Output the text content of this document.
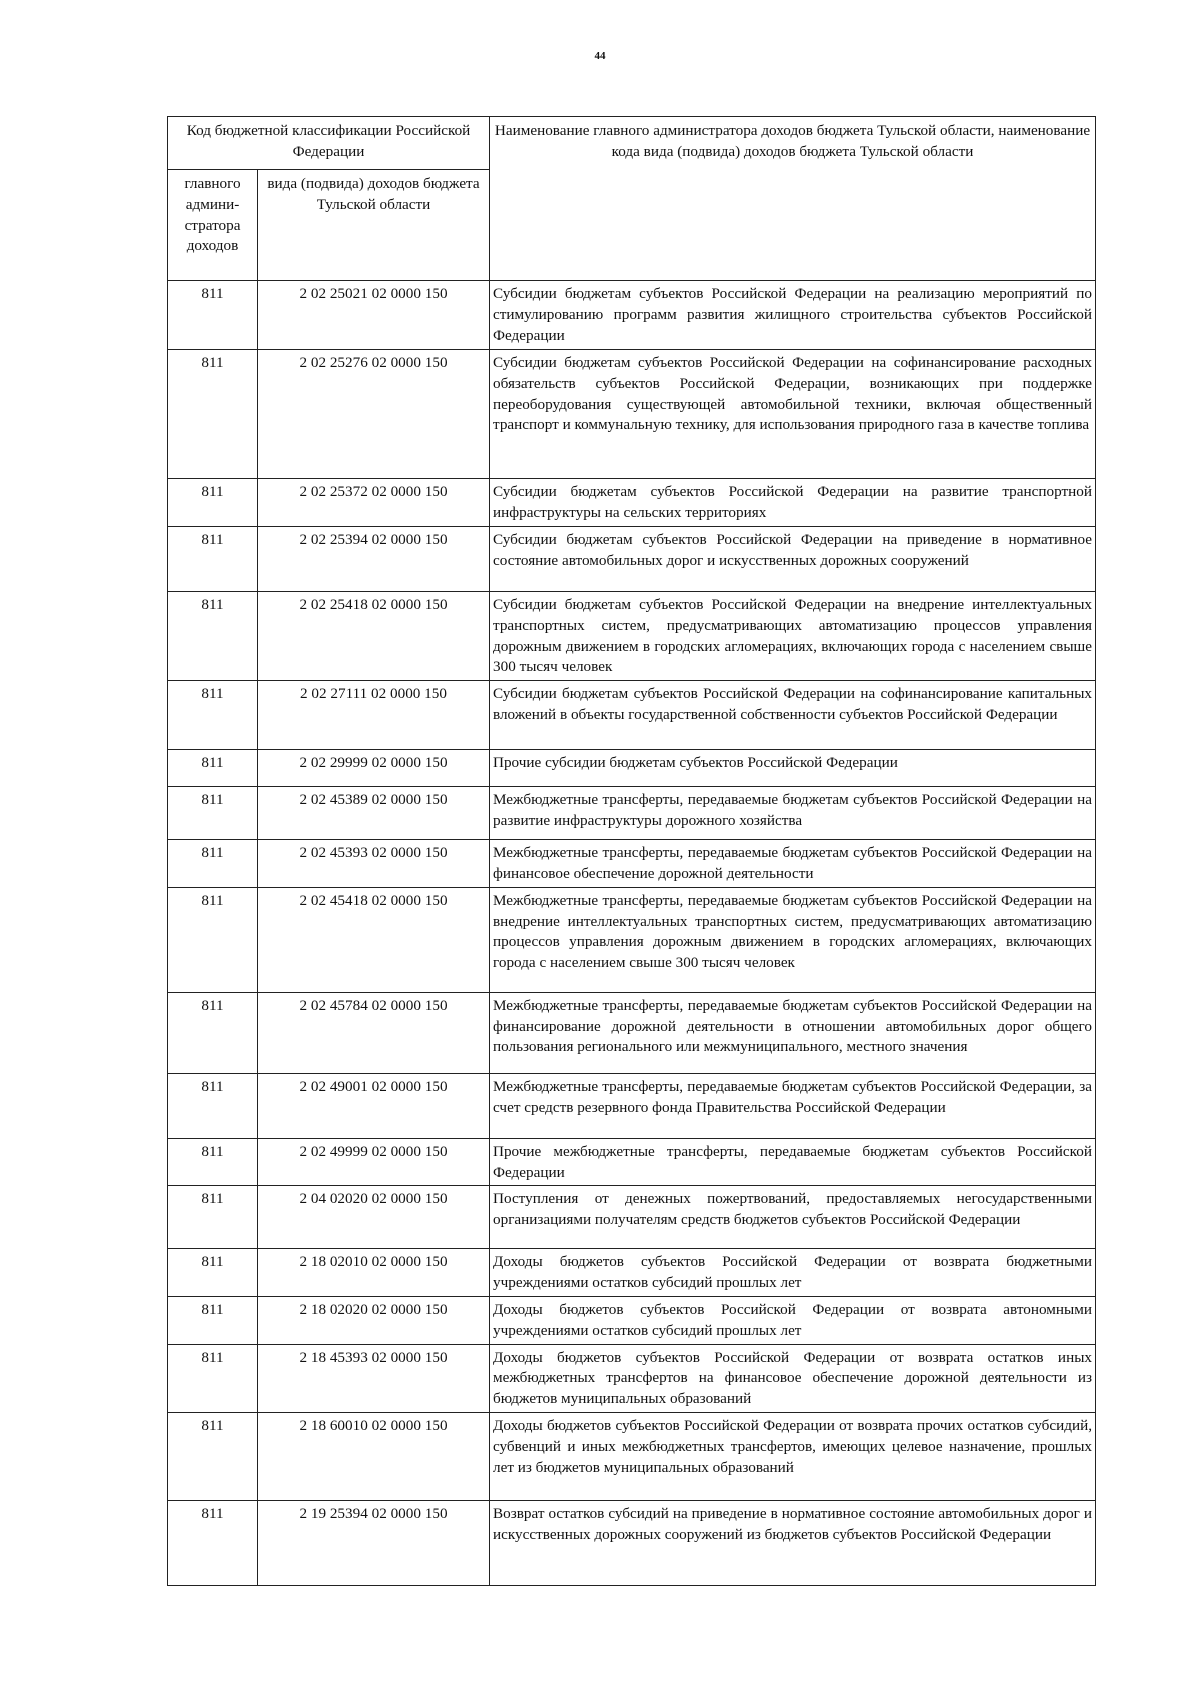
44
Код бюджетной классификации Российской Федерации		Наименование главного администратора доходов бюджета Тульской области, наименование кода вида (подвида) доходов бюджета Тульской области
главного админи-стратора доходов	вида (подвида) доходов бюджета Тульской области	
811	2 02 25021 02 0000 150	Субсидии бюджетам субъектов Российской Федерации на реализацию мероприятий по стимулированию программ развития жилищного строительства субъектов Российской Федерации
811	2 02 25276 02 0000 150	Субсидии бюджетам субъектов Российской Федерации на софинансирование расходных обязательств субъектов Российской Федерации, возникающих при поддержке переоборудования существующей автомобильной техники, включая общественный транспорт и коммунальную технику, для использования природного газа в качестве топлива
811	2 02 25372 02 0000 150	Субсидии бюджетам субъектов Российской Федерации на развитие транспортной инфраструктуры на сельских территориях
811	2 02 25394 02 0000 150	Субсидии бюджетам субъектов Российской Федерации на приведение в нормативное состояние автомобильных дорог и искусственных дорожных сооружений
811	2 02 25418 02 0000 150	Субсидии бюджетам субъектов Российской Федерации на внедрение интеллектуальных транспортных систем, предусматривающих автоматизацию процессов управления дорожным движением в городских агломерациях, включающих города с населением свыше 300 тысяч человек
811	2 02 27111 02 0000 150	Субсидии бюджетам субъектов Российской Федерации на софинансирование капитальных вложений в объекты государственной собственности субъектов Российской Федерации
811	2 02 29999 02 0000 150	Прочие субсидии бюджетам субъектов Российской Федерации
811	2 02 45389 02 0000 150	Межбюджетные трансферты, передаваемые бюджетам субъектов Российской Федерации на развитие инфраструктуры дорожного хозяйства
811	2 02 45393 02 0000 150	Межбюджетные трансферты, передаваемые бюджетам субъектов Российской Федерации на финансовое обеспечение дорожной деятельности
811	2 02 45418 02 0000 150	Межбюджетные трансферты, передаваемые бюджетам субъектов Российской Федерации на внедрение интеллектуальных транспортных систем, предусматривающих автоматизацию процессов управления дорожным движением в городских агломерациях, включающих города с населением свыше 300 тысяч человек
811	2 02 45784 02 0000 150	Межбюджетные трансферты, передаваемые бюджетам субъектов Российской Федерации на финансирование дорожной деятельности в отношении автомобильных дорог общего пользования регионального или межмуниципального, местного значения
811	2 02 49001 02 0000 150	Межбюджетные трансферты, передаваемые бюджетам субъектов Российской Федерации, за счет средств резервного фонда Правительства Российской Федерации
811	2 02 49999 02 0000 150	Прочие межбюджетные трансферты, передаваемые бюджетам субъектов Российской Федерации
811	2 04 02020 02 0000 150	Поступления от денежных пожертвований, предоставляемых негосударственными организациями получателям средств бюджетов субъектов Российской Федерации
811	2 18 02010 02 0000 150	Доходы бюджетов субъектов Российской Федерации от возврата бюджетными учреждениями остатков субсидий прошлых лет
811	2 18 02020 02 0000 150	Доходы бюджетов субъектов Российской Федерации от возврата автономными учреждениями остатков субсидий прошлых лет
811	2 18 45393 02 0000 150	Доходы бюджетов субъектов Российской Федерации от возврата остатков иных межбюджетных трансфертов на финансовое обеспечение дорожной деятельности из бюджетов муниципальных образований
811	2 18 60010 02 0000 150	Доходы бюджетов субъектов Российской Федерации от возврата прочих остатков субсидий, субвенций и иных межбюджетных трансфертов, имеющих целевое назначение, прошлых лет из бюджетов муниципальных образований
811	2 19 25394 02 0000 150	Возврат остатков субсидий на приведение в нормативное состояние автомобильных дорог и искусственных дорожных сооружений из бюджетов субъектов Российской Федерации
